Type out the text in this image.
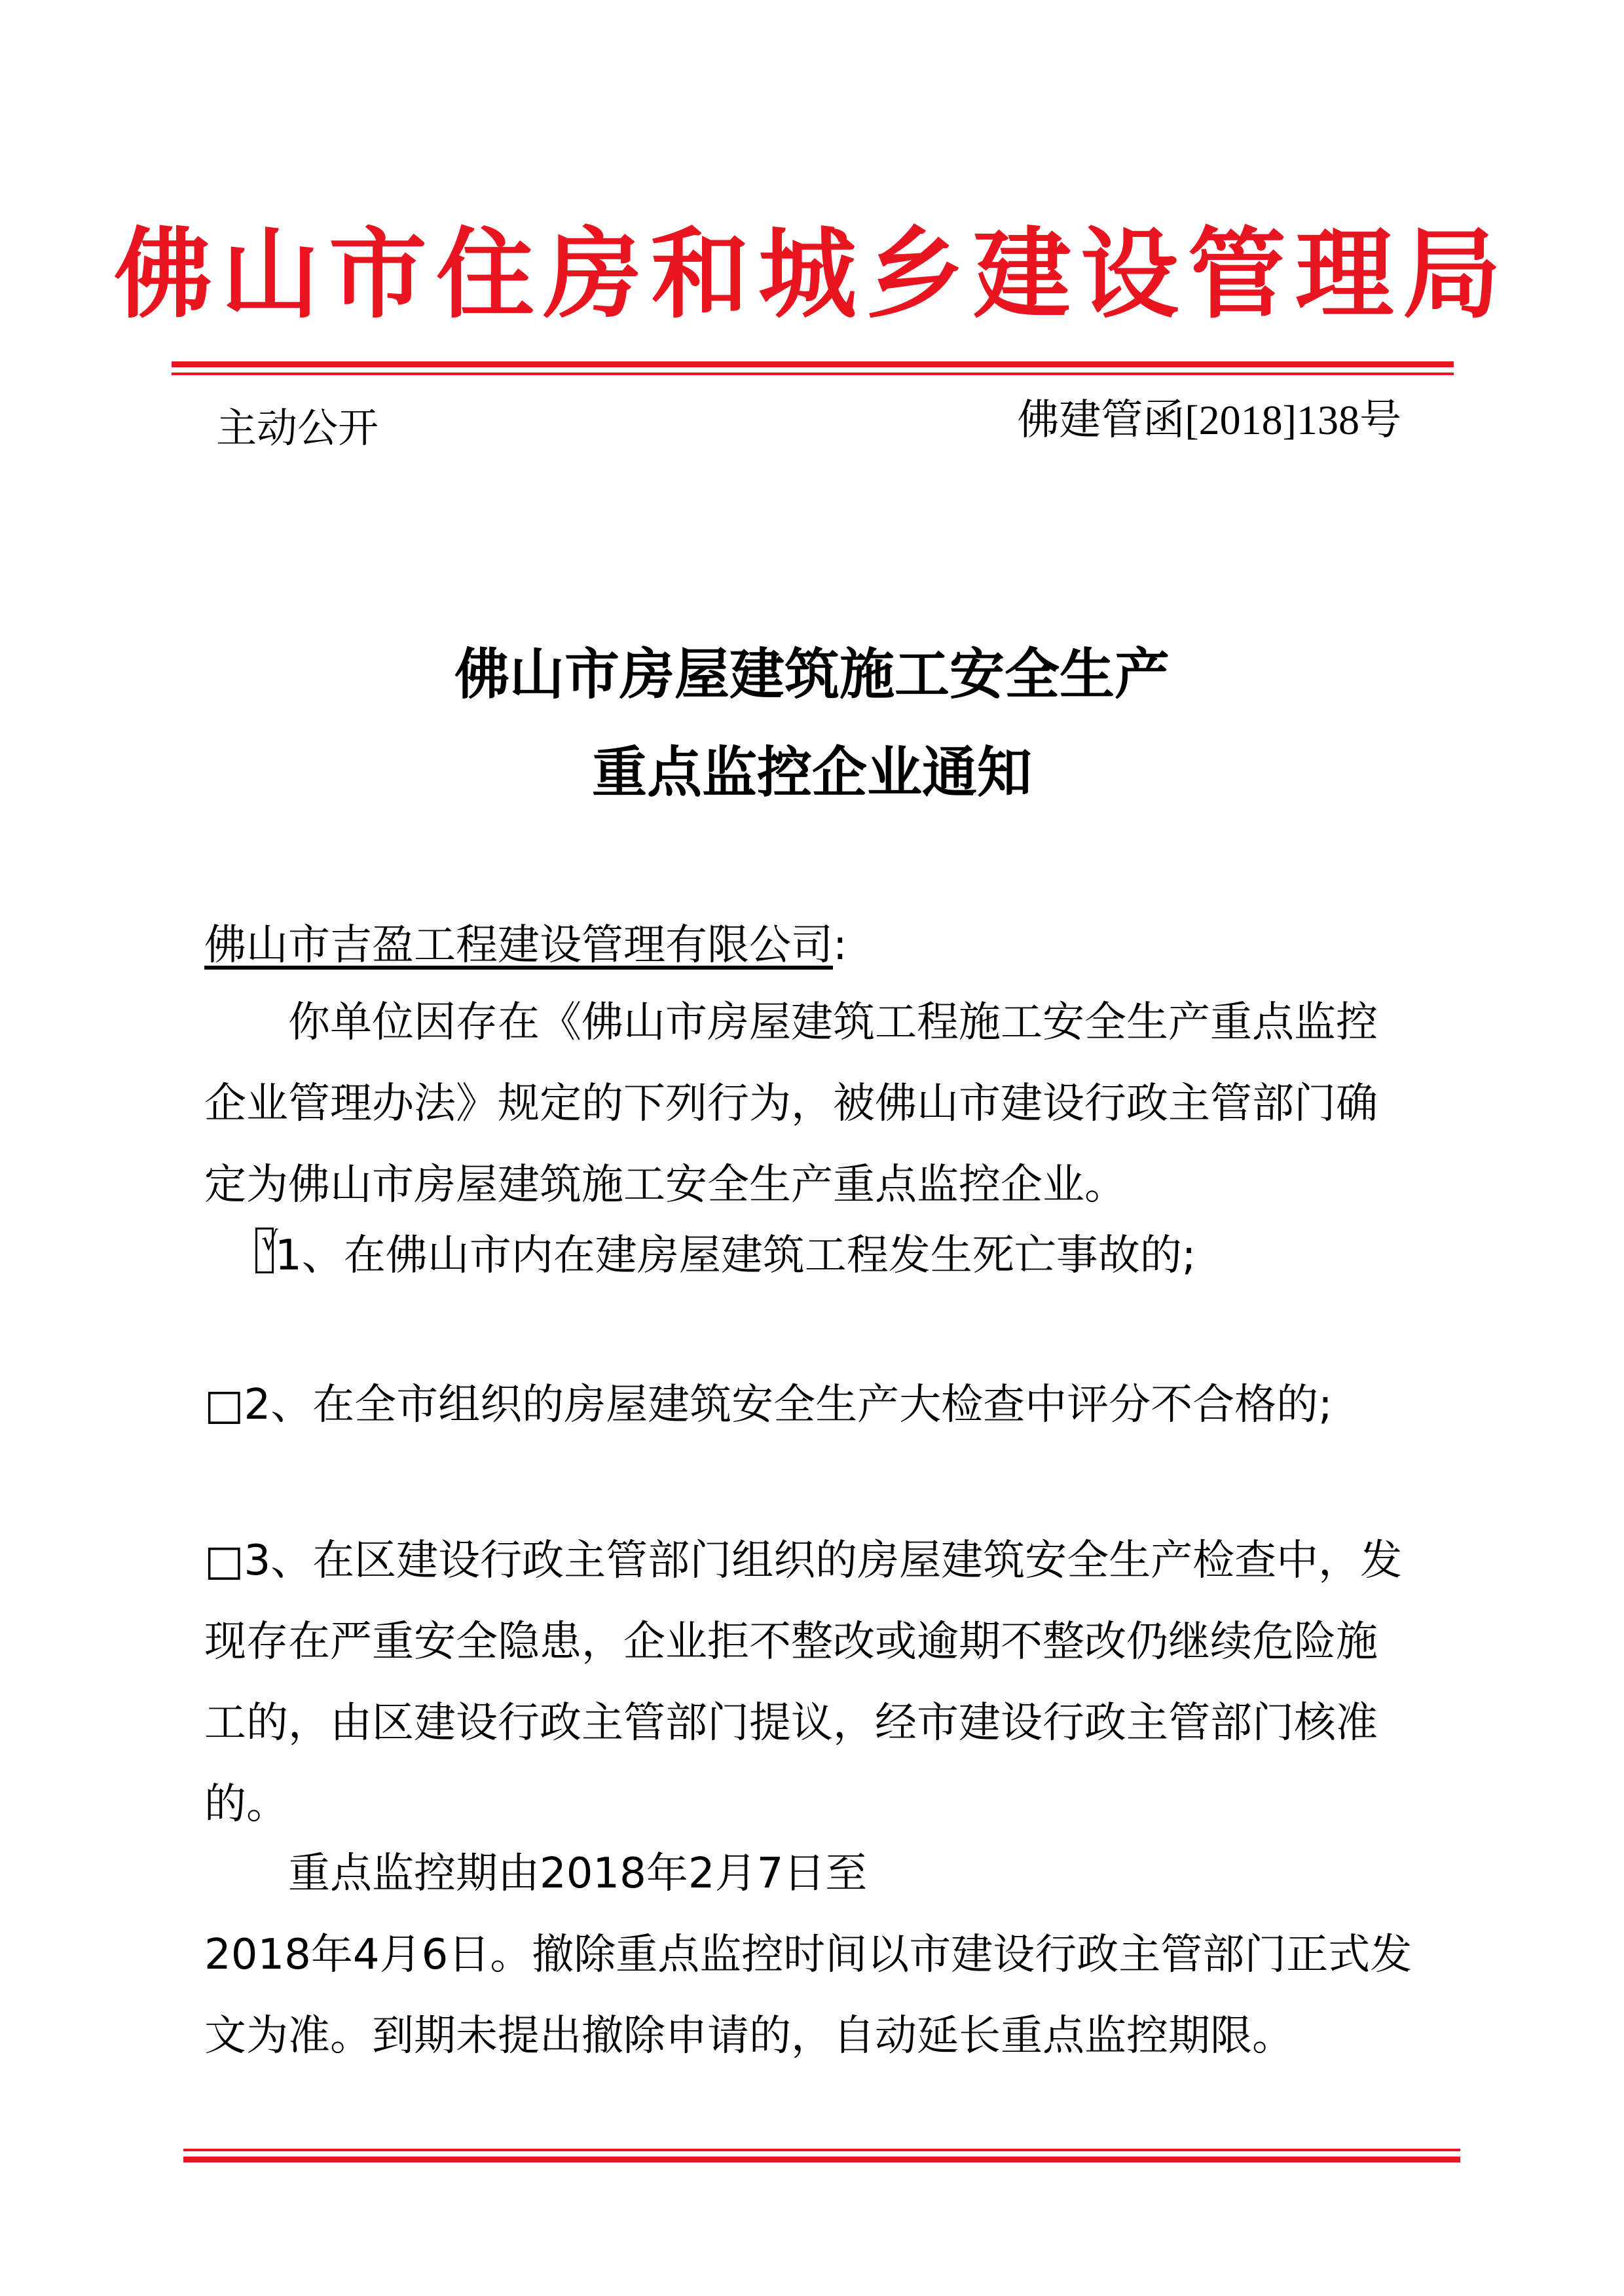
佛山市住房和城乡建设管理局
主动公开	佛建管函[2018]138号
佛山市房屋建筑施工安全生产
重点监控企业通知
佛山市吉盈工程建设管理有限公司:
你单位因存在《佛山市房屋建筑工程施工安全生产重点监控
企业管理办法》规定的下列行为，被佛山市建设行政主管部门确
定为佛山市房屋建筑施工安全生产重点监控企业。
√1、在佛山市内在建房屋建筑工程发生死亡事故的;
□2、在全市组织的房屋建筑安全生产大检查中评分不合格的;
□3、在区建设行政主管部门组织的房屋建筑安全生产检查中，发
现存在严重安全隐患，企业拒不整改或逾期不整改仍继续危险施
工的，由区建设行政主管部门提议，经市建设行政主管部门核准
的。
重点监控期由2018年2月7日至
2018年4月6日。撤除重点监控时间以市建设行政主管部门正式发
文为准。到期未提出撤除申请的，自动延长重点监控期限。
